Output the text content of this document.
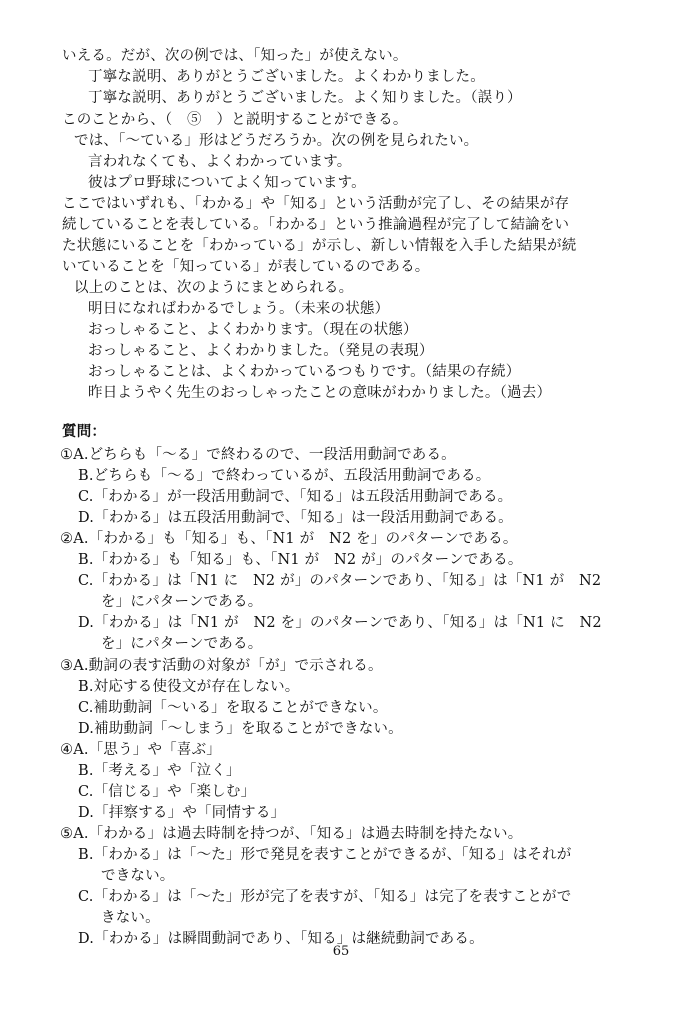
いえる。だが、次の例では、「知った」が使えない。
丁寧な説明、ありがとうございました。よくわかりました。
丁寧な説明、ありがとうございました。よく知りました。（誤り）
このことから、（　⑤　）と説明することができる。
では、「～ている」形はどうだろうか。次の例を見られたい。
言われなくても、よくわかっています。
彼はプロ野球についてよく知っています。
ここではいずれも、「わかる」や「知る」という活動が完了し、その結果が存
続していることを表している。「わかる」という推論過程が完了して結論をい
た状態にいることを「わかっている」が示し、新しい情報を入手した結果が続
いていることを「知っている」が表しているのである。
以上のことは、次のようにまとめられる。
明日になればわかるでしょう。（未来の状態）
おっしゃること、よくわかります。（現在の状態）
おっしゃること、よくわかりました。（発見の表現）
おっしゃることは、よくわかっているつもりです。（結果の存続）
昨日ようやく先生のおっしゃったことの意味がわかりました。（過去）
質問：
①A.どちらも「～る」で終わるので、一段活用動詞である。
B.どちらも「～る」で終わっているが、五段活用動詞である。
C.「わかる」が一段活用動詞で、「知る」は五段活用動詞である。
D.「わかる」は五段活用動詞で、「知る」は一段活用動詞である。
②A.「わかる」も「知る」も、「N1 が　N2 を」のパターンである。
B.「わかる」も「知る」も、「N1 が　N2 が」のパターンである。
C.「わかる」は「N1 に　N2 が」のパターンであり、「知る」は「N1 が　N2
を」にパターンである。
D.「わかる」は「N1 が　N2 を」のパターンであり、「知る」は「N1 に　N2
を」にパターンである。
③A.動詞の表す活動の対象が「が」で示される。
B.対応する使役文が存在しない。
C.補助動詞「～いる」を取ることができない。
D.補助動詞「～しまう」を取ることができない。
④A.「思う」や「喜ぶ」
B.「考える」や「泣く」
C.「信じる」や「楽しむ」
D.「拝察する」や「同情する」
⑤A.「わかる」は過去時制を持つが、「知る」は過去時制を持たない。
B.「わかる」は「～た」形で発見を表すことができるが、「知る」はそれが
できない。
C.「わかる」は「～た」形が完了を表すが、「知る」は完了を表すことがで
きない。
D.「わかる」は瞬間動詞であり、「知る」は継続動詞である。
65
